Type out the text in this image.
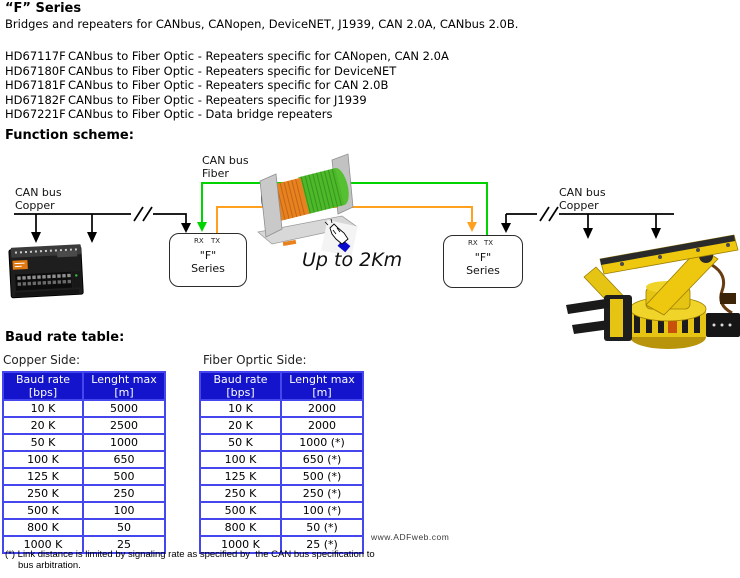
“F” Series
Bridges and repeaters for CANbus, CANopen, DeviceNET, J1939, CAN 2.0A, CANbus 2.0B.
HD67117F CANbus to Fiber Optic - Repeaters specific for CANopen, CAN 2.0A
HD67180F CANbus to Fiber Optic - Repeaters specific for DeviceNET
HD67181F CANbus to Fiber Optic - Repeaters specific for CAN 2.0B
HD67182F CANbus to Fiber Optic - Repeaters specific for J1939
HD67221F CANbus to Fiber Optic - Data bridge repeaters
Function scheme:
CAN bus
Copper
CAN bus
Fiber
CAN bus
Copper
RX TX
"F"
Series
RX TX
"F"
Series
Up to 2Km
Baud rate table:
Copper Side:	Fiber Oprtic Side:
Baud rate [bps]	Lenght max [m]
10 K	5000
20 K	2500
50 K	1000
100 K	650
125 K	500
250 K	250
500 K	100
800 K	50
1000 K	25
Baud rate [bps]	Lenght max [m]
10 K	2000
20 K	2000
50 K	1000 (*)
100 K	650 (*)
125 K	500 (*)
250 K	250 (*)
500 K	100 (*)
800 K	50 (*)
1000 K	25 (*)
www.ADFweb.com
(*) Link distance is limited by signaling rate as specified by  the CAN bus specification to
bus arbitration.
